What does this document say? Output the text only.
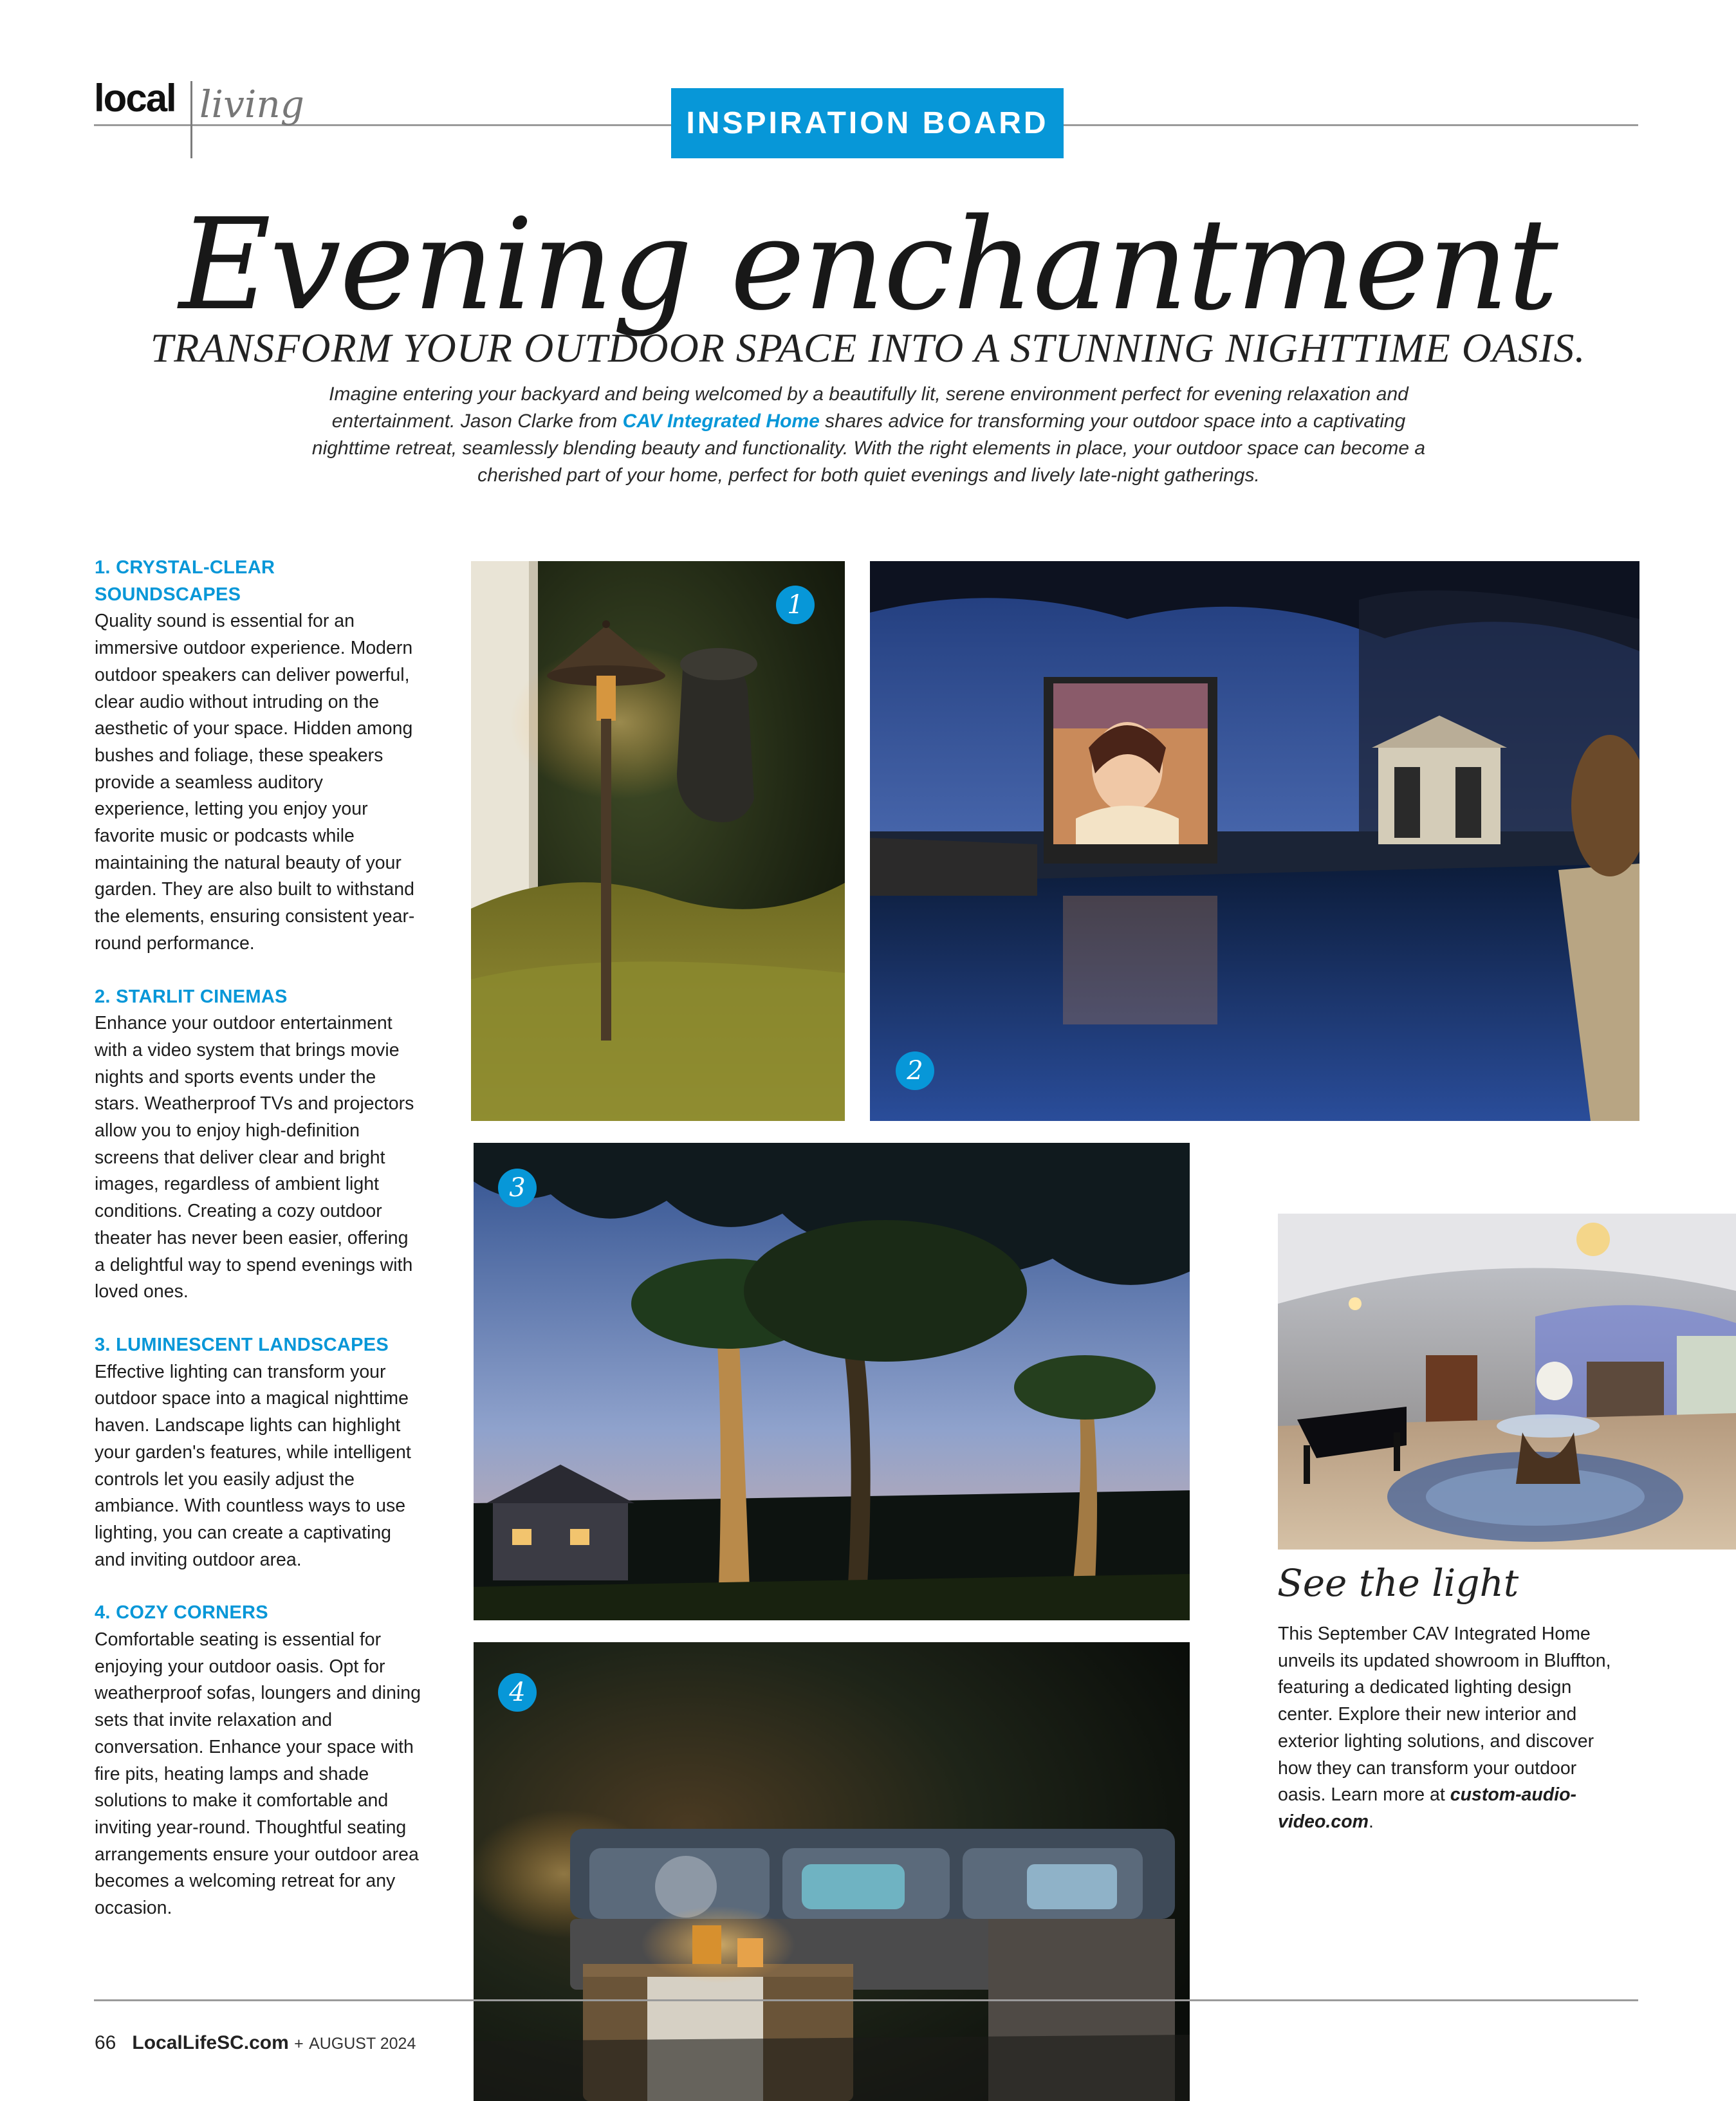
local living	INSPIRATION BOARD
Evening enchantment
TRANSFORM YOUR OUTDOOR SPACE INTO A STUNNING NIGHTTIME OASIS.
Imagine entering your backyard and being welcomed by a beautifully lit, serene environment perfect for evening relaxation and entertainment. Jason Clarke from CAV Integrated Home shares advice for transforming your outdoor space into a captivating nighttime retreat, seamlessly blending beauty and functionality. With the right elements in place, your outdoor space can become a cherished part of your home, perfect for both quiet evenings and lively late-night gatherings.
1. CRYSTAL-CLEAR SOUNDSCAPES
Quality sound is essential for an immersive outdoor experience. Modern outdoor speakers can deliver powerful, clear audio without intruding on the aesthetic of your space. Hidden among bushes and foliage, these speakers provide a seamless auditory experience, letting you enjoy your favorite music or podcasts while maintaining the natural beauty of your garden. They are also built to withstand the elements, ensuring consistent year-round performance.
2. STARLIT CINEMAS
Enhance your outdoor entertainment with a video system that brings movie nights and sports events under the stars. Weatherproof TVs and projectors allow you to enjoy high-definition screens that deliver clear and bright images, regardless of ambient light conditions. Creating a cozy outdoor theater has never been easier, offering a delightful way to spend evenings with loved ones.
3. LUMINESCENT LANDSCAPES
Effective lighting can transform your outdoor space into a magical nighttime haven. Landscape lights can highlight your garden's features, while intelligent controls let you easily adjust the ambiance. With countless ways to use lighting, you can create a captivating and inviting outdoor area.
4. COZY CORNERS
Comfortable seating is essential for enjoying your outdoor oasis. Opt for weatherproof sofas, loungers and dining sets that invite relaxation and conversation. Enhance your space with fire pits, heating lamps and shade solutions to make it comfortable and inviting year-round. Thoughtful seating arrangements ensure your outdoor area becomes a welcoming retreat for any occasion.
1
2
3
4
See the light
This September CAV Integrated Home unveils its updated showroom in Bluffton, featuring a dedicated lighting design center. Explore their new interior and exterior lighting solutions, and discover how they can transform your outdoor oasis. Learn more at custom-audio-video.com.
66 LocalLifeSC.com + AUGUST 2024
